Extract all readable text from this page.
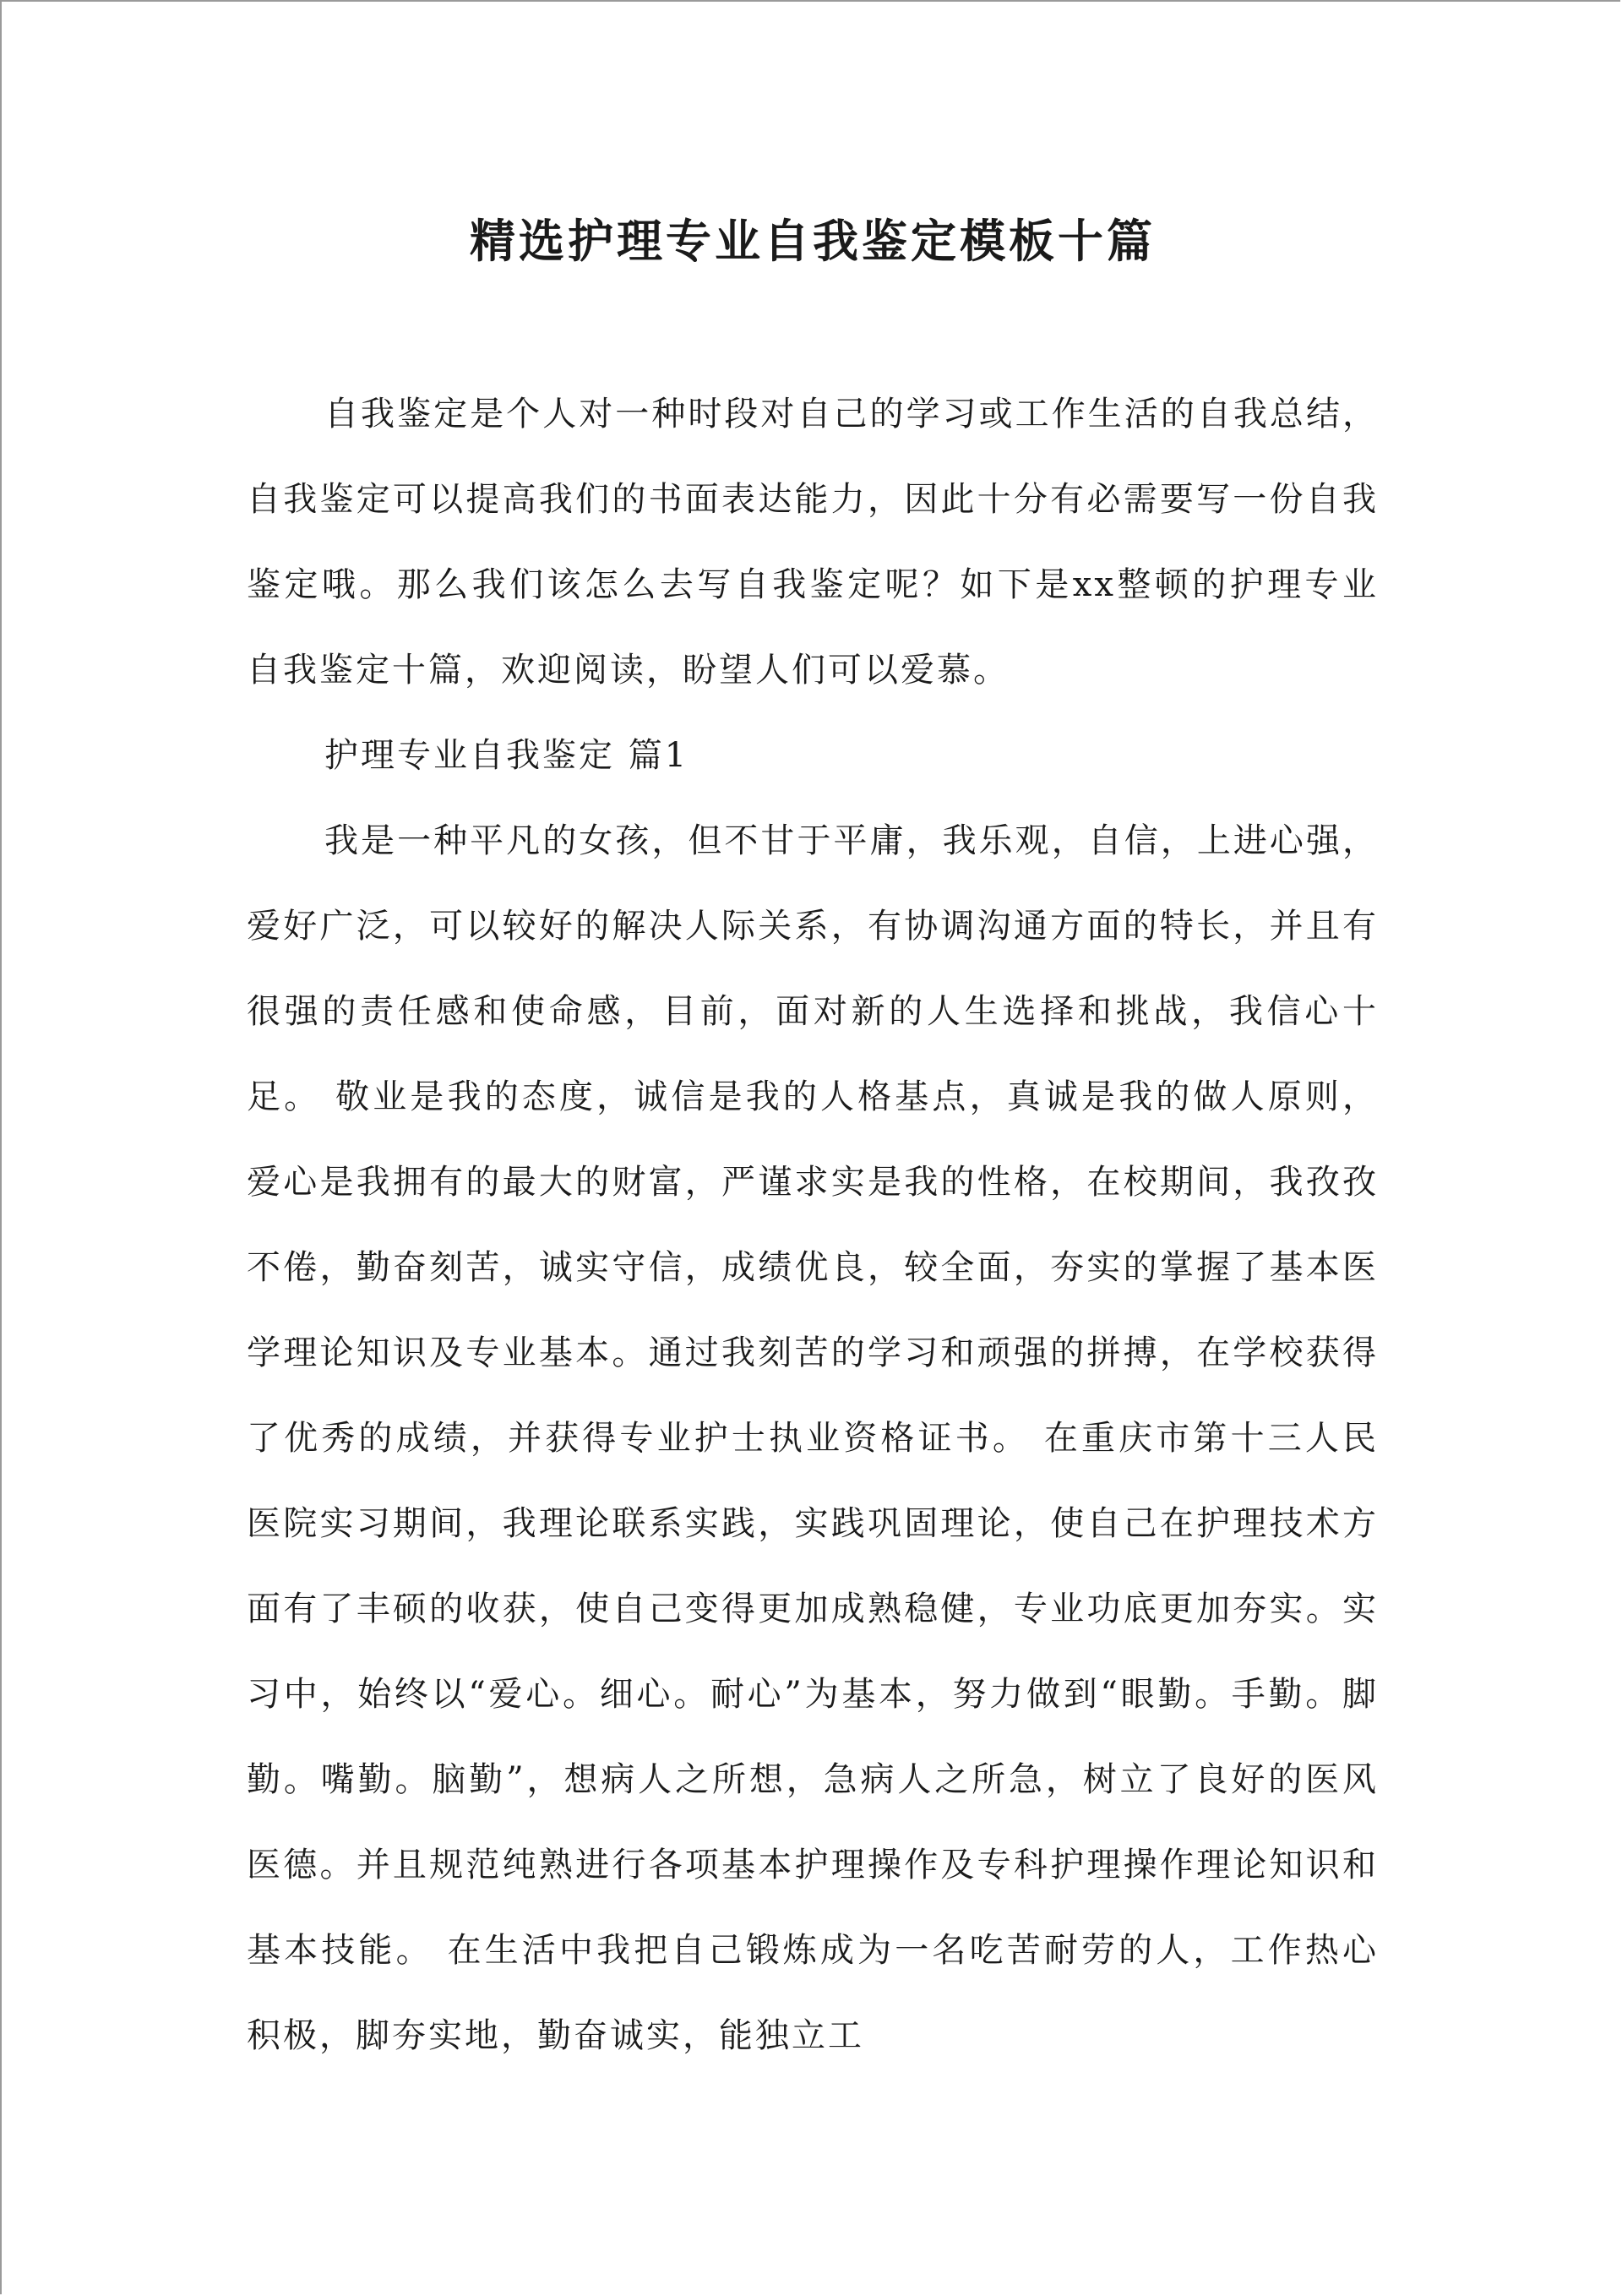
精选护理专业自我鉴定模板十篇

自我鉴定是个人对一种时段对自己的学习或工作生活的自我总结，自我鉴定可以提高我们的书面表达能力，因此十分有必需要写一份自我鉴定哦。那么我们该怎么去写自我鉴定呢？如下是xx整顿的护理专业自我鉴定十篇，欢迎阅读，盼望人们可以爱慕。

护理专业自我鉴定 篇1

我是一种平凡的女孩，但不甘于平庸，我乐观，自信，上进心强，爱好广泛，可以较好的解决人际关系，有协调沟通方面的特长，并且有很强的责任感和使命感，目前，面对新的人生选择和挑战，我信心十足。 敬业是我的态度，诚信是我的人格基点，真诚是我的做人原则，爱心是我拥有的最大的财富，严谨求实是我的性格，在校期间，我孜孜不倦，勤奋刻苦，诚实守信，成绩优良，较全面，夯实的掌握了基本医学理论知识及专业基本。通过我刻苦的学习和顽强的拼搏，在学校获得了优秀的成绩，并获得专业护士执业资格证书。 在重庆市第十三人民医院实习期间，我理论联系实践，实践巩固理论，使自己在护理技术方面有了丰硕的收获，使自己变得更加成熟稳健，专业功底更加夯实。实习中，始终以“爱心。细心。耐心”为基本，努力做到“眼勤。手勤。脚勤。嘴勤。脑勤”，想病人之所想，急病人之所急，树立了良好的医风医德。并且规范纯熟进行各项基本护理操作及专科护理操作理论知识和基本技能。 在生活中我把自己锻炼成为一名吃苦耐劳的人，工作热心积极，脚夯实地，勤奋诚实，能独立工
